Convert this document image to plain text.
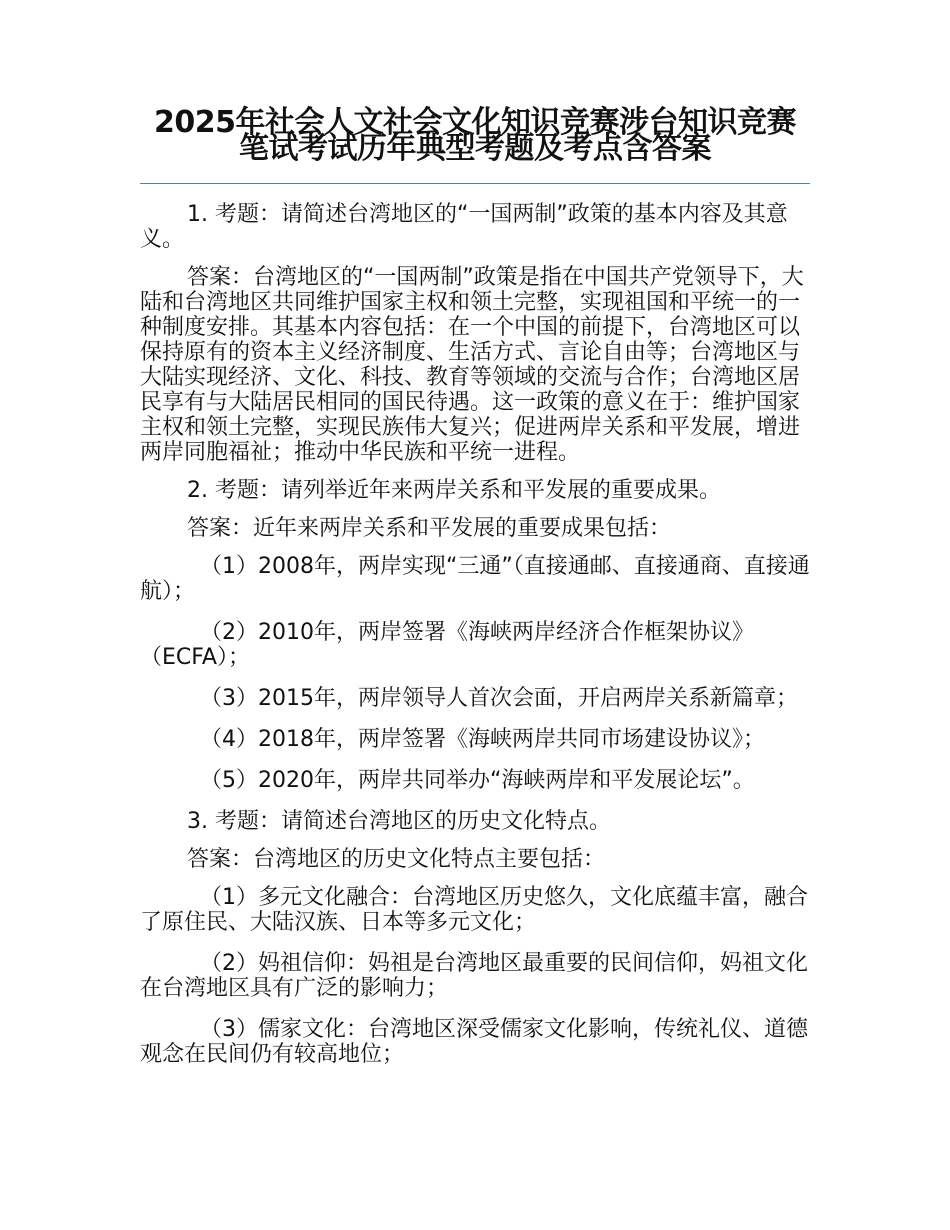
2025年社会人文社会文化知识竞赛涉台知识竞赛笔试考试历年典型考题及考点含答案

1. 考题：请简述台湾地区的“一国两制”政策的基本内容及其意义。

答案：台湾地区的“一国两制”政策是指在中国共产党领导下，大陆和台湾地区共同维护国家主权和领土完整，实现祖国和平统一的一种制度安排。其基本内容包括：在一个中国的前提下，台湾地区可以保持原有的资本主义经济制度、生活方式、言论自由等；台湾地区与大陆实现经济、文化、科技、教育等领域的交流与合作；台湾地区居民享有与大陆居民相同的国民待遇。这一政策的意义在于：维护国家主权和领土完整，实现民族伟大复兴；促进两岸关系和平发展，增进两岸同胞福祉；推动中华民族和平统一进程。

2. 考题：请列举近年来两岸关系和平发展的重要成果。

答案：近年来两岸关系和平发展的重要成果包括：

（1）2008年，两岸实现“三通”（直接通邮、直接通商、直接通航）；

（2）2010年，两岸签署《海峡两岸经济合作框架协议》（ECFA）；

（3）2015年，两岸领导人首次会面，开启两岸关系新篇章；

（4）2018年，两岸签署《海峡两岸共同市场建设协议》；

（5）2020年，两岸共同举办“海峡两岸和平发展论坛”。

3. 考题：请简述台湾地区的历史文化特点。

答案：台湾地区的历史文化特点主要包括：

（1）多元文化融合：台湾地区历史悠久，文化底蕴丰富，融合了原住民、大陆汉族、日本等多元文化；

（2）妈祖信仰：妈祖是台湾地区最重要的民间信仰，妈祖文化在台湾地区具有广泛的影响力；

（3）儒家文化：台湾地区深受儒家文化影响，传统礼仪、道德观念在民间仍有较高地位；
